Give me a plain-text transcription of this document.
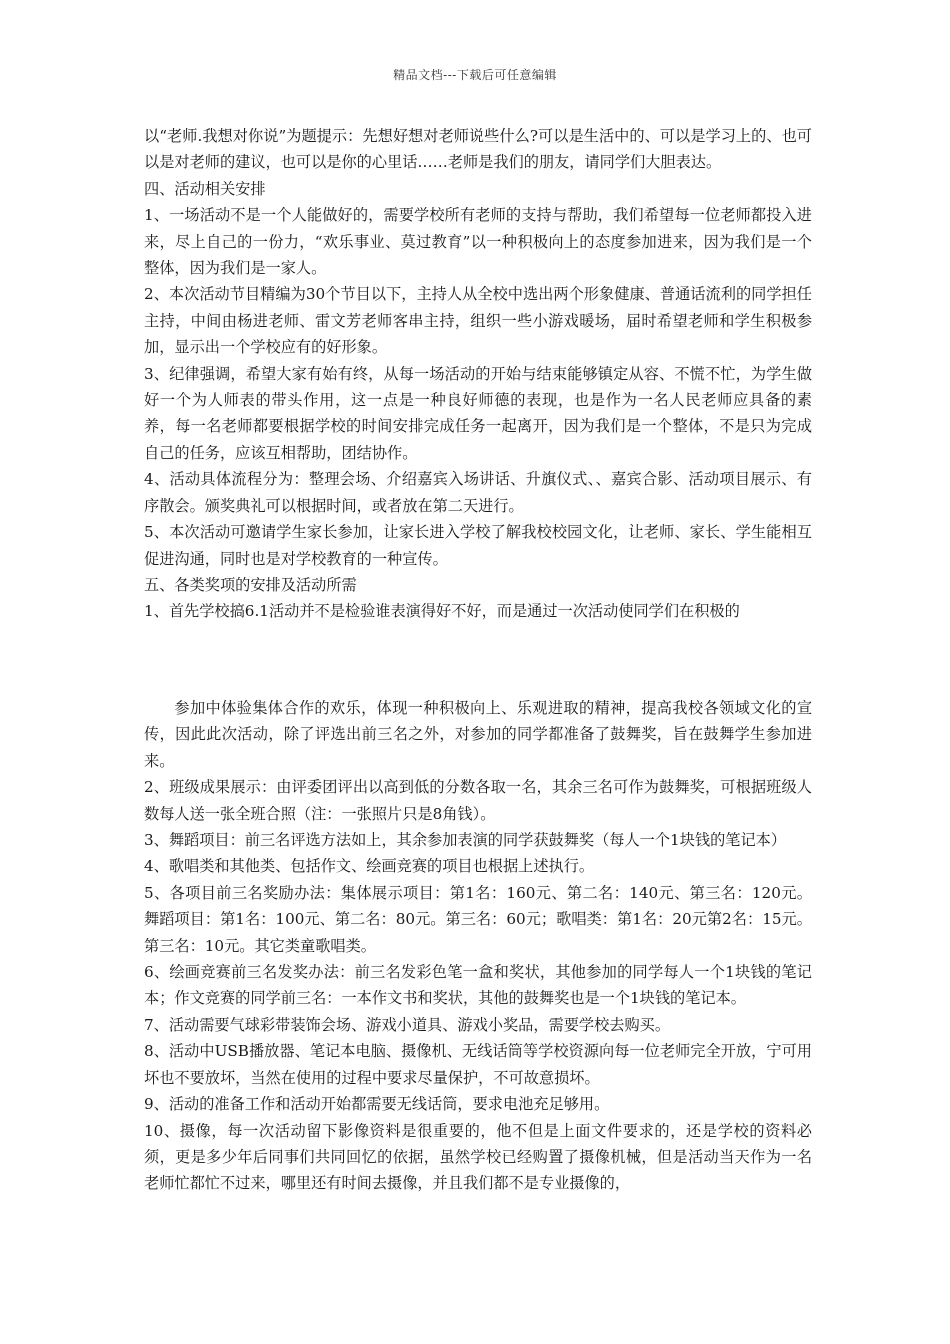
精品文档---下载后可任意编辑

以“老师.我想对你说”为题提示：先想好想对老师说些什么?可以是生活中的、可以是学习上的、也可以是对老师的建议，也可以是你的心里话……老师是我们的朋友，请同学们大胆表达。

四、活动相关安排

1、一场活动不是一个人能做好的，需要学校所有老师的支持与帮助，我们希望每一位老师都投入进来，尽上自己的一份力，“欢乐事业、莫过教育”以一种积极向上的态度参加进来，因为我们是一个整体，因为我们是一家人。

2、本次活动节目精编为30个节目以下，主持人从全校中选出两个形象健康、普通话流利的同学担任主持，中间由杨进老师、雷文芳老师客串主持，组织一些小游戏暖场，届时希望老师和学生积极参加，显示出一个学校应有的好形象。

3、纪律强调，希望大家有始有终，从每一场活动的开始与结束能够镇定从容、不慌不忙，为学生做好一个为人师表的带头作用，这一点是一种良好师德的表现，也是作为一名人民老师应具备的素养，每一名老师都要根据学校的时间安排完成任务一起离开，因为我们是一个整体，不是只为完成自己的任务，应该互相帮助，团结协作。

4、活动具体流程分为：整理会场、介绍嘉宾入场讲话、升旗仪式、、嘉宾合影、活动项目展示、有序散会。颁奖典礼可以根据时间，或者放在第二天进行。

5、本次活动可邀请学生家长参加，让家长进入学校了解我校校园文化，让老师、家长、学生能相互促进沟通，同时也是对学校教育的一种宣传。

五、各类奖项的安排及活动所需

1、首先学校搞6.1活动并不是检验谁表演得好不好，而是通过一次活动使同学们在积极的

参加中体验集体合作的欢乐，体现一种积极向上、乐观进取的精神，提高我校各领域文化的宣传，因此此次活动，除了评选出前三名之外，对参加的同学都准备了鼓舞奖，旨在鼓舞学生参加进来。

2、班级成果展示：由评委团评出以高到低的分数各取一名，其余三名可作为鼓舞奖，可根据班级人数每人送一张全班合照（注：一张照片只是8角钱）。

3、舞蹈项目：前三名评选方法如上，其余参加表演的同学获鼓舞奖（每人一个1块钱的笔记本）

4、歌唱类和其他类、包括作文、绘画竞赛的项目也根据上述执行。

5、各项目前三名奖励办法：集体展示项目：第1名：160元、第二名：140元、第三名：120元。舞蹈项目：第1名：100元、第二名：80元。第三名：60元；歌唱类：第1名：20元第2名：15元。第三名：10元。其它类童歌唱类。

6、绘画竞赛前三名发奖办法：前三名发彩色笔一盒和奖状，其他参加的同学每人一个1块钱的笔记本；作文竞赛的同学前三名：一本作文书和奖状，其他的鼓舞奖也是一个1块钱的笔记本。

7、活动需要气球彩带装饰会场、游戏小道具、游戏小奖品，需要学校去购买。

8、活动中USB播放器、笔记本电脑、摄像机、无线话筒等学校资源向每一位老师完全开放，宁可用坏也不要放坏，当然在使用的过程中要求尽量保护，不可故意损坏。

9、活动的准备工作和活动开始都需要无线话筒，要求电池充足够用。

10、摄像，每一次活动留下影像资料是很重要的，他不但是上面文件要求的，还是学校的资料必须，更是多少年后同事们共同回忆的依据，虽然学校已经购置了摄像机械，但是活动当天作为一名老师忙都忙不过来，哪里还有时间去摄像，并且我们都不是专业摄像的，
